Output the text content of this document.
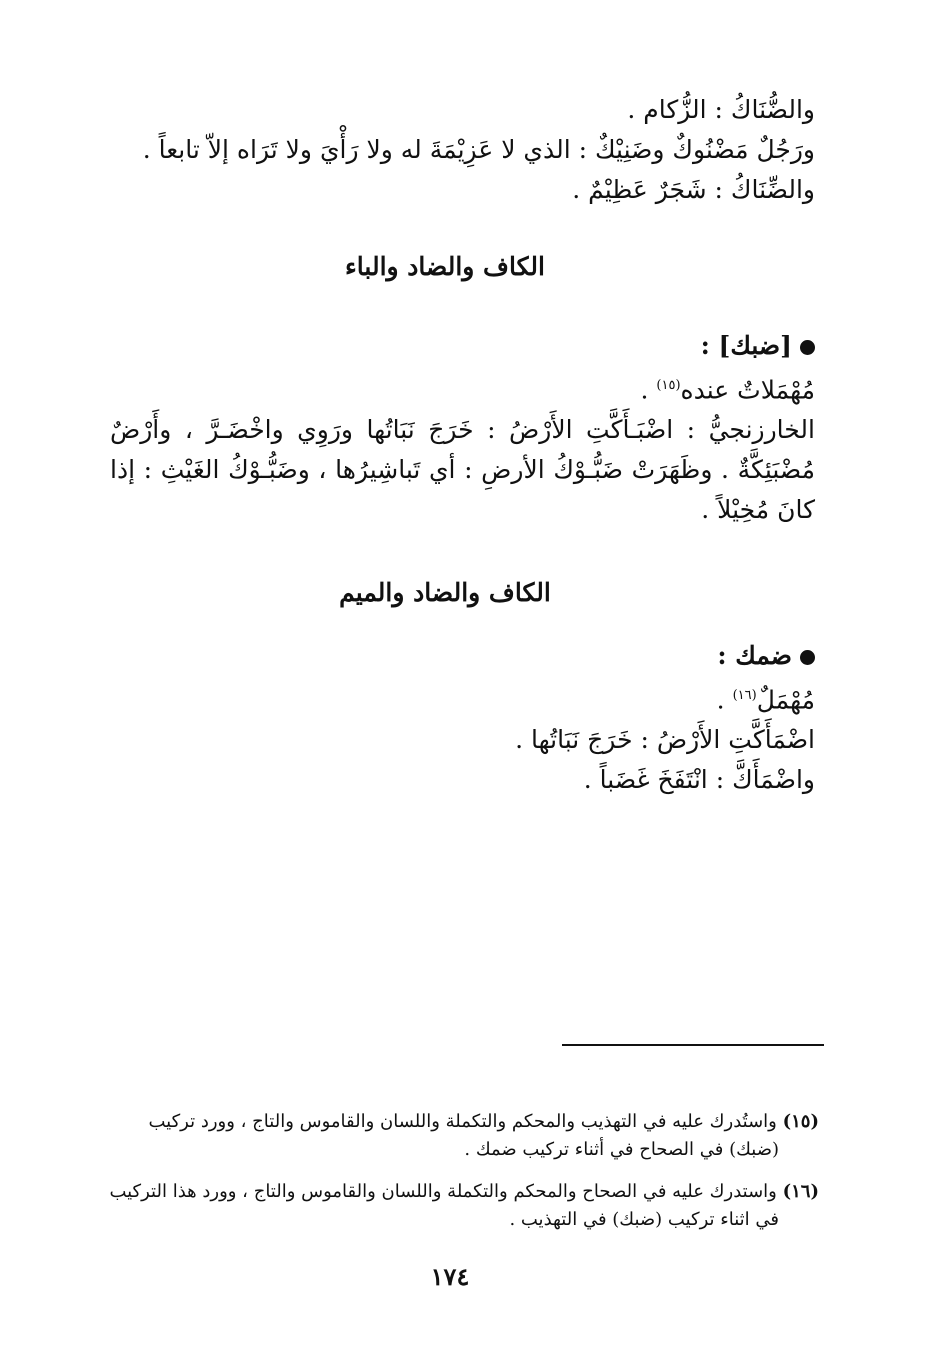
والضُّنَاكُ : الزُّكام .
ورَجُلٌ مَضْنُوكٌ وضَنِيْكٌ : الذي لا عَزِيْمَةَ له ولا رَأْيَ ولا تَرَاه إلاّ تابعاً .
والضِّنَاكُ : شَجَرٌ عَظِيْمٌ .
الكاف والضاد والباء
[ضبك] :
مُهْمَلاتٌ عنده$^{(١٥)}$ .
الخارزنجيُّ : اضْبَـأَكَّتِ الأَرْضُ : خَرَجَ نَبَاتُها ورَوِي واخْضَـرَّ ، وأَرْضٌ مُضْبَئِكَّةٌ . وظَهَرَتْ ضَبُّـوْكُ الأرضِ : أي تَباشِيرُها ، وضَبُّـوْكُ الغَيْثِ : إذا كانَ مُخِيْلاً .
الكاف والضاد والميم
ضمك :
مُهْمَلٌ$^{(١٦)}$ .
اضْمَأَكَّتِ الأَرْضُ : خَرَجَ نَبَاتُها .
واضْمَأَكَّ : انْتَفَخَ غَضَباً .
(١٥) واستُدرك عليه في التهذيب والمحكم والتكملة واللسان والقاموس والتاج ، وورد تركيب
(ضبك) في الصحاح في أثناء تركيب ضمك .
(١٦) واستدرك عليه في الصحاح والمحكم والتكملة واللسان والقاموس والتاج ، وورد هذا التركيب
في اثناء تركيب (ضبك) في التهذيب .
١٧٤
